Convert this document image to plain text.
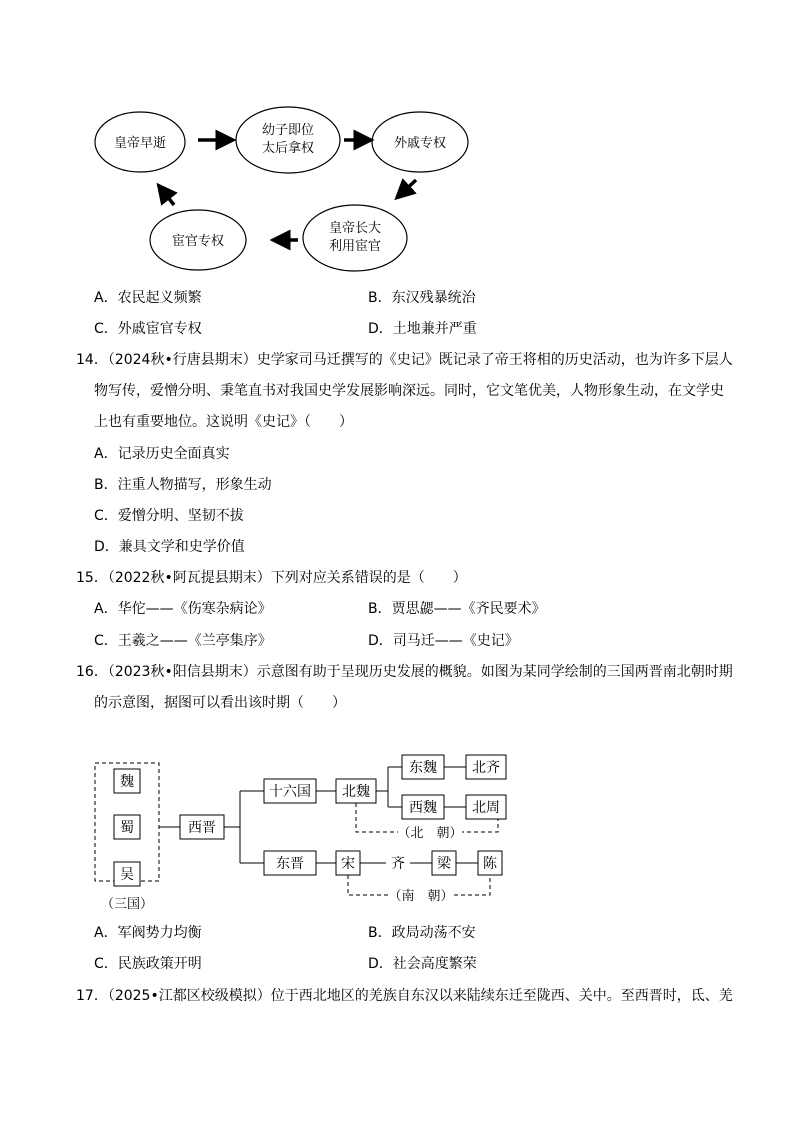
皇帝早逝
幼子即位
太后拿权	外戚专权
皇帝长大
利用宦官
宦官专权
A．农民起义频繁	B．东汉残暴统治
C．外戚宦官专权	D．土地兼并严重
14．（2024秋•行唐县期末）史学家司马迁撰写的《史记》既记录了帝王将相的历史活动，也为许多下层人
物写传，爱憎分明、秉笔直书对我国史学发展影响深远。同时，它文笔优美，人物形象生动，在文学史
上也有重要地位。这说明《史记》（　　）
A．记录历史全面真实
B．注重人物描写，形象生动
C．爱憎分明、坚韧不拔
D．兼具文学和史学价值
15．（2022秋•阿瓦提县期末）下列对应关系错误的是（　　）
A．华佗——《伤寒杂病论》	B．贾思勰——《齐民要术》
C．王羲之——《兰亭集序》	D．司马迁——《史记》
16．（2023秋•阳信县期末）示意图有助于呈现历史发展的概貌。如图为某同学绘制的三国两晋南北朝时期
的示意图，据图可以看出该时期（　　）
魏
蜀
吴
（三国）
西晋
十六国 北魏
东魏	北齐
西魏	北周
（北　朝）
东晋	宋	齐 梁 陈
（南　朝）
A．军阀势力均衡	B．政局动荡不安
C．民族政策开明	D．社会高度繁荣
17．（2025•江都区校级模拟）位于西北地区的羌族自东汉以来陆续东迁至陇西、关中。至西晋时，氐、羌
